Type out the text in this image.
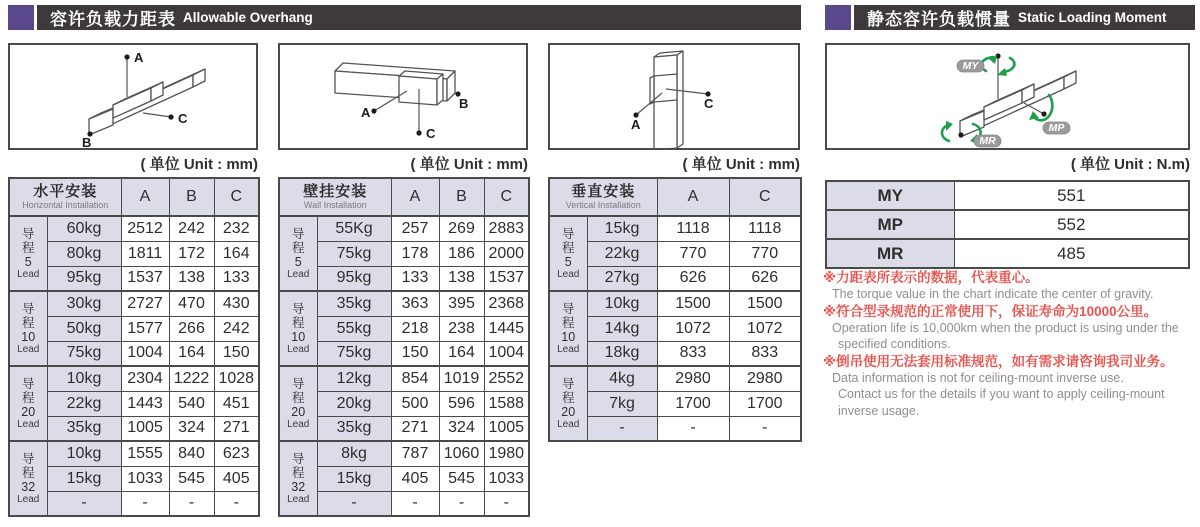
容许负载力距表 Allowable Overhang	静态容许负载惯量 Static Loading Moment
A
B
C	A
B
C
A
C
MY
MP
MR
( 单位 Unit : mm)	( 单位 Unit : mm)	( 单位 Unit : mm)	( 单位 Unit : N.m)
水平安装
Horizontal Installation		A	B	C

导
程
5
Lead	60kg	2512	242	232
	80kg	1811	172	164
	95kg	1537	138	133

导
程
10
Lead	30kg	2727	470	430
	50kg	1577	266	242
	75kg	1004	164	150

导
程
20
Lead	10kg	2304	1222	1028
	22kg	1443	540	451
	35kg	1005	324	271

导
程
32
Lead	10kg	1555	840	623
	15kg	1033	545	405
	-	-	-	-
壁挂安装
Wall Installation		A	B	C

导
程
5
Lead	55Kg	257	269	2883
	75kg	178	186	2000
	95kg	133	138	1537

导
程
10
Lead	35kg	363	395	2368
	55kg	218	238	1445
	75kg	150	164	1004

导
程
20
Lead	12kg	854	1019	2552
	20kg	500	596	1588
	35kg	271	324	1005

导
程
32
Lead	8kg	787	1060	1980
	15kg	405	545	1033
	-	-	-	-
垂直安装
Vertical Installation		A	C

导
程
5
Lead	15kg	1118	1118
	22kg	770	770
	27kg	626	626

导
程
10
Lead	10kg	1500	1500
	14kg	1072	1072
	18kg	833	833

导
程
20
Lead	4kg	2980	2980
	7kg	1700	1700
	-	-	-
MY	551
MP	552
MR	485
※力距表所表示的数据，代表重心。
The torque value in the chart indicate the center of gravity.
※符合型录规范的正常使用下，保证寿命为10000公里。
Operation life is 10,000km when the product is using under the
specified conditions.
※倒吊使用无法套用标准规范，如有需求请咨询我司业务。
Data information is not for ceiling-mount inverse use.
Contact us for the details if you want to apply ceiling-mount
inverse usage.
